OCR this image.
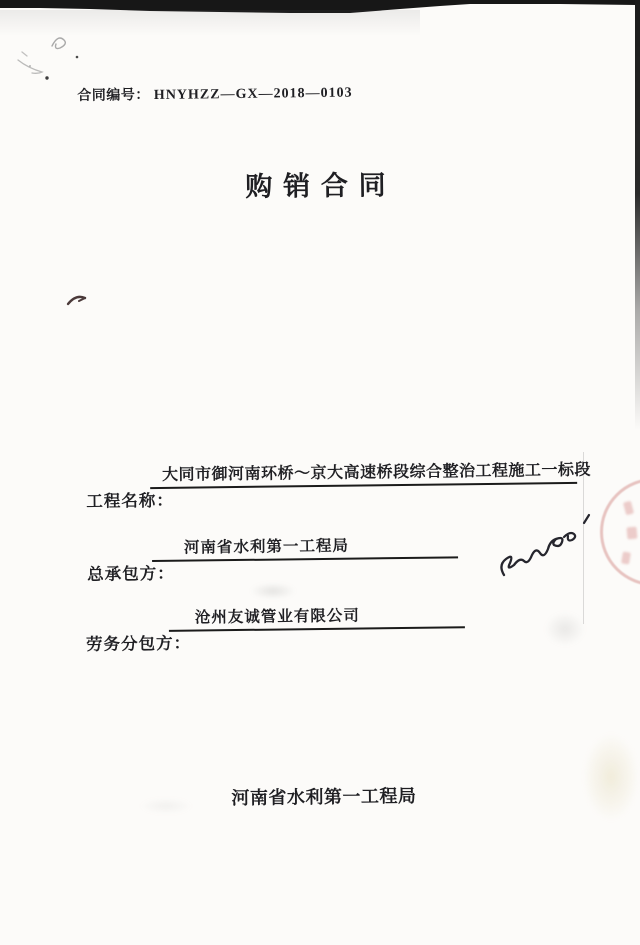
合同编号： HNYHZZ—GX—2018—0103
购 销 合 同
工程名称：
大同市御河南环桥～京大高速桥段综合整治工程施工一标段
总承包方：
河南省水利第一工程局
劳务分包方：
沧州友诚管业有限公司
河南省水利第一工程局
